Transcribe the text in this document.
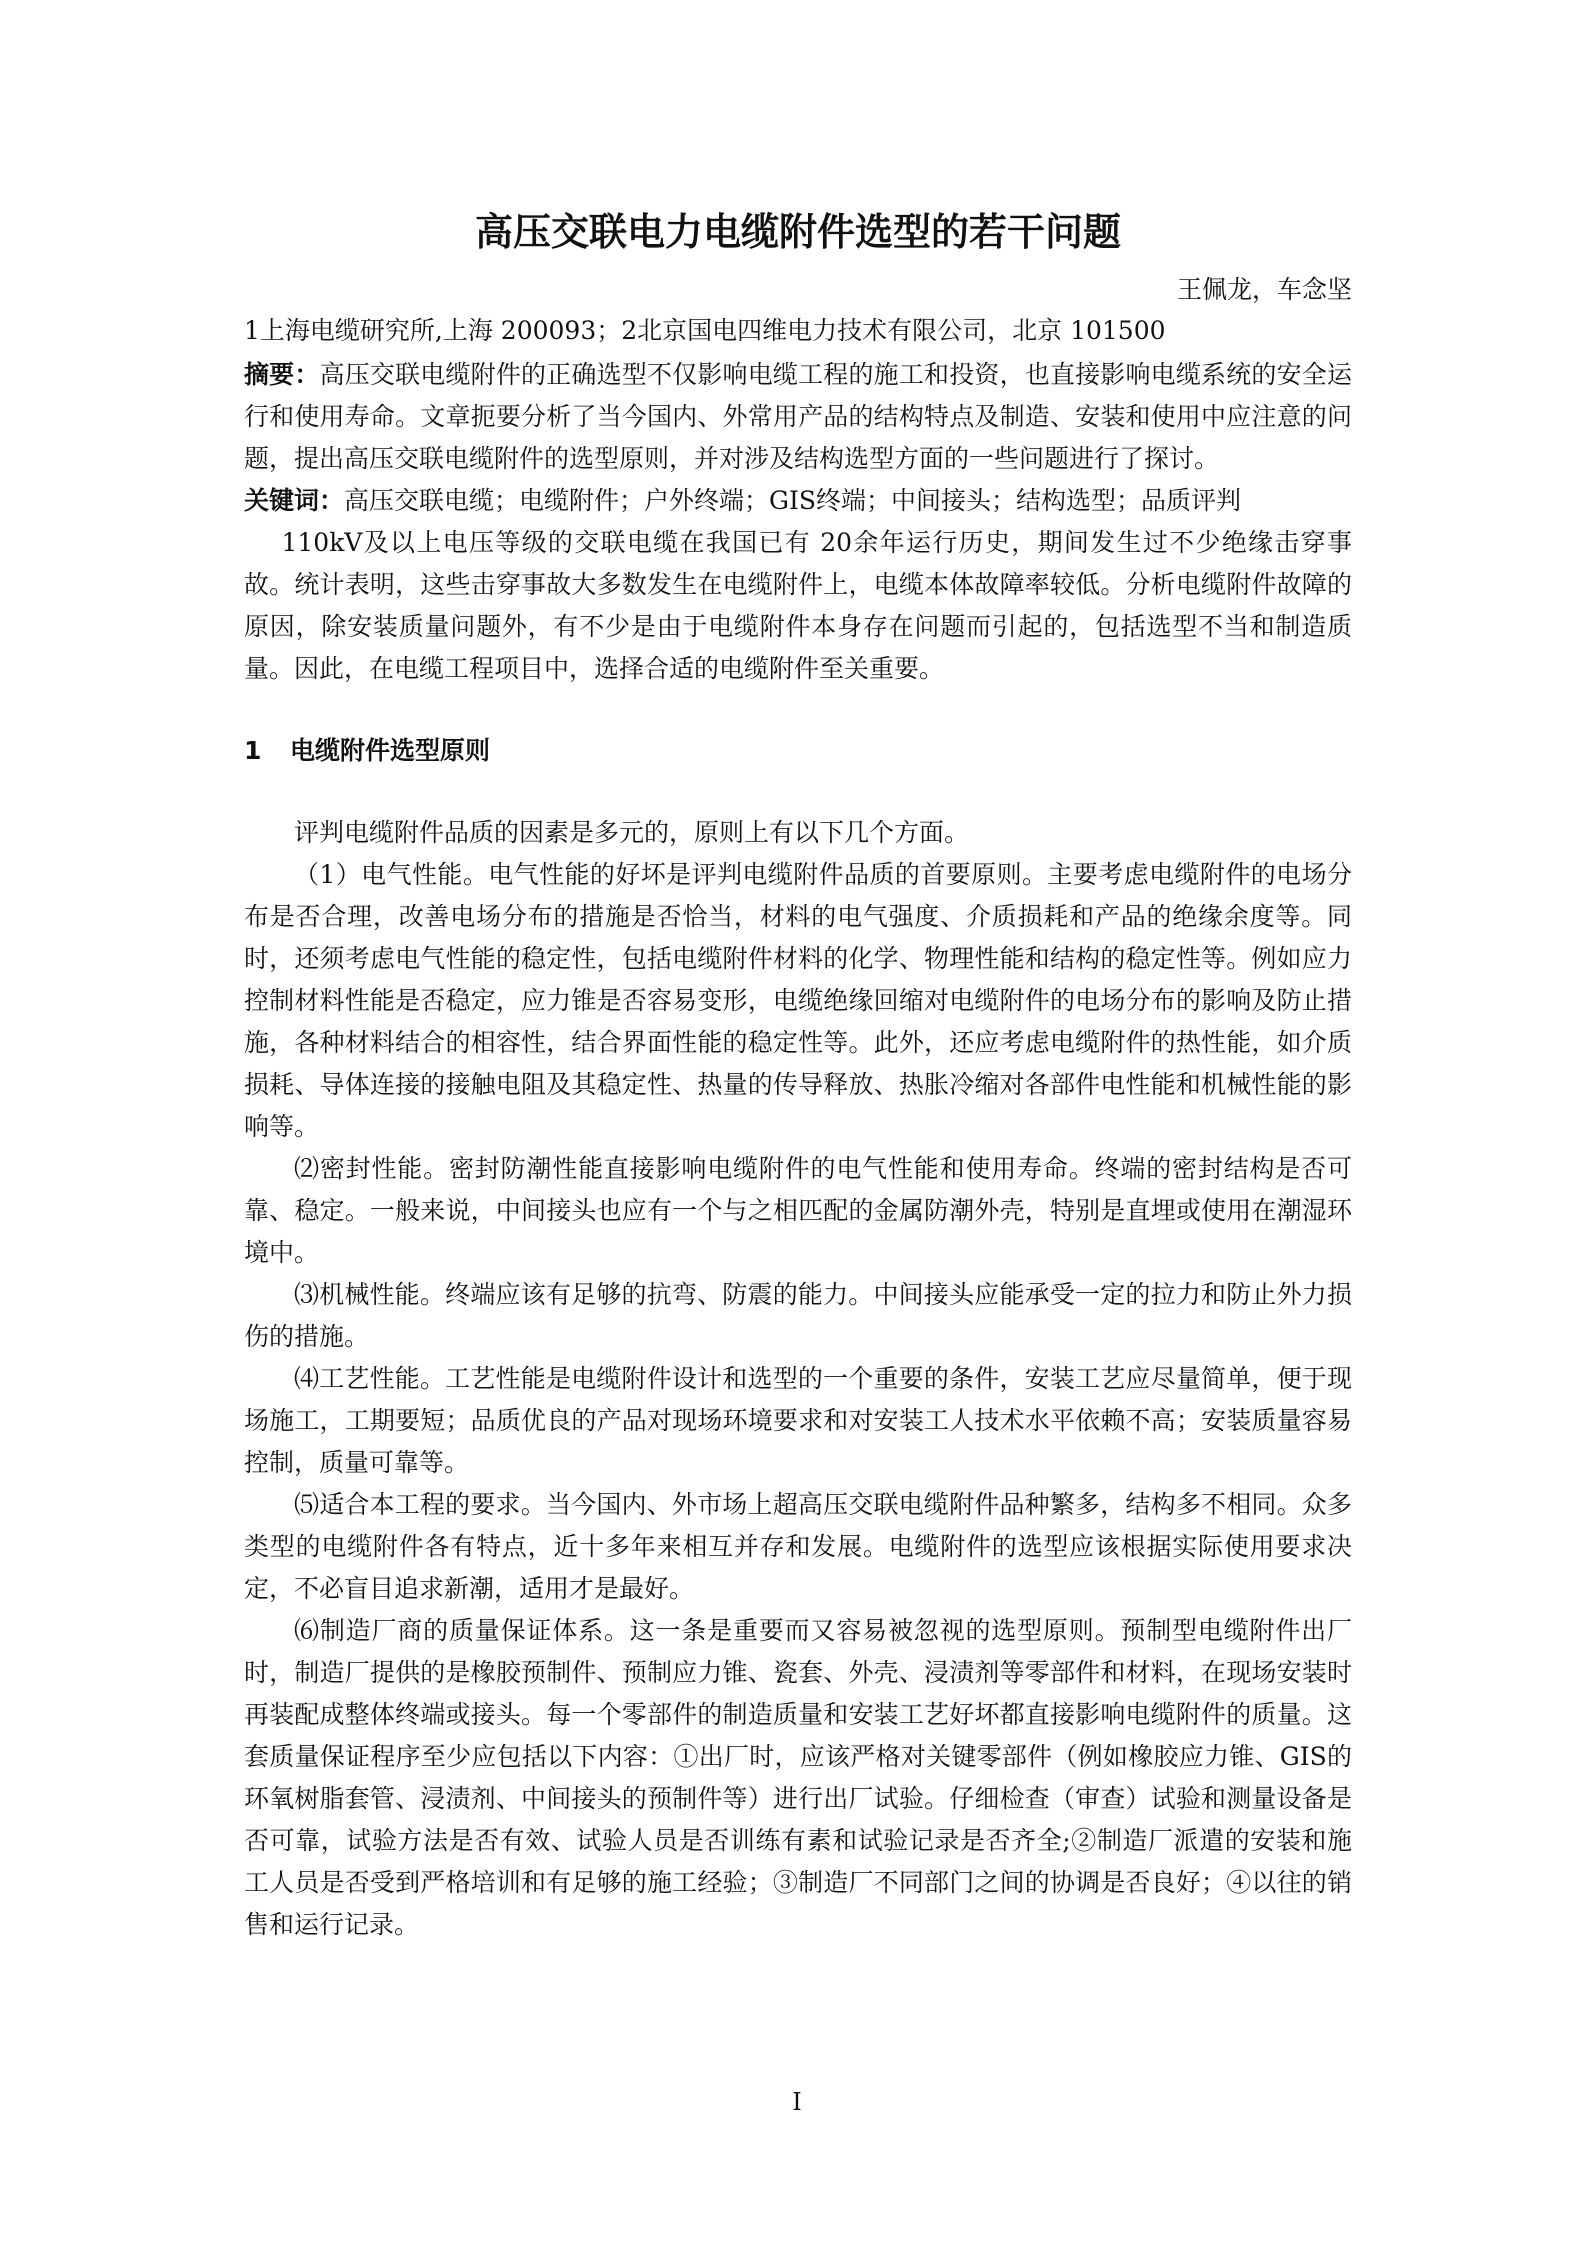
高压交联电力电缆附件选型的若干问题

王佩龙，车念坚

1上海电缆研究所,上海 200093；2北京国电四维电力技术有限公司，北京 101500

摘要：高压交联电缆附件的正确选型不仅影响电缆工程的施工和投资，也直接影响电缆系统的安全运行和使用寿命。文章扼要分析了当今国内、外常用产品的结构特点及制造、安装和使用中应注意的问题，提出高压交联电缆附件的选型原则，并对涉及结构选型方面的一些问题进行了探讨。

关键词：高压交联电缆；电缆附件；户外终端；GIS终端；中间接头；结构选型；品质评判

110kV及以上电压等级的交联电缆在我国已有 20余年运行历史，期间发生过不少绝缘击穿事故。统计表明，这些击穿事故大多数发生在电缆附件上，电缆本体故障率较低。分析电缆附件故障的原因，除安装质量问题外，有不少是由于电缆附件本身存在问题而引起的，包括选型不当和制造质量。因此，在电缆工程项目中，选择合适的电缆附件至关重要。

1 电缆附件选型原则

评判电缆附件品质的因素是多元的，原则上有以下几个方面。

（1）电气性能。电气性能的好坏是评判电缆附件品质的首要原则。主要考虑电缆附件的电场分布是否合理，改善电场分布的措施是否恰当，材料的电气强度、介质损耗和产品的绝缘余度等。同时，还须考虑电气性能的稳定性，包括电缆附件材料的化学、物理性能和结构的稳定性等。例如应力控制材料性能是否稳定，应力锥是否容易变形，电缆绝缘回缩对电缆附件的电场分布的影响及防止措施，各种材料结合的相容性，结合界面性能的稳定性等。此外，还应考虑电缆附件的热性能，如介质损耗、导体连接的接触电阻及其稳定性、热量的传导释放、热胀冷缩对各部件电性能和机械性能的影响等。

⑵密封性能。密封防潮性能直接影响电缆附件的电气性能和使用寿命。终端的密封结构是否可靠、稳定。一般来说，中间接头也应有一个与之相匹配的金属防潮外壳，特别是直埋或使用在潮湿环境中。

⑶机械性能。终端应该有足够的抗弯、防震的能力。中间接头应能承受一定的拉力和防止外力损伤的措施。

⑷工艺性能。工艺性能是电缆附件设计和选型的一个重要的条件，安装工艺应尽量简单，便于现场施工，工期要短；品质优良的产品对现场环境要求和对安装工人技术水平依赖不高；安装质量容易控制，质量可靠等。

⑸适合本工程的要求。当今国内、外市场上超高压交联电缆附件品种繁多，结构多不相同。众多类型的电缆附件各有特点，近十多年来相互并存和发展。电缆附件的选型应该根据实际使用要求决定，不必盲目追求新潮，适用才是最好。

⑹制造厂商的质量保证体系。这一条是重要而又容易被忽视的选型原则。预制型电缆附件出厂时，制造厂提供的是橡胶预制件、预制应力锥、瓷套、外壳、浸渍剂等零部件和材料，在现场安装时再装配成整体终端或接头。每一个零部件的制造质量和安装工艺好坏都直接影响电缆附件的质量。这套质量保证程序至少应包括以下内容：①出厂时，应该严格对关键零部件（例如橡胶应力锥、GIS的环氧树脂套管、浸渍剂、中间接头的预制件等）进行出厂试验。仔细检查（审查）试验和测量设备是否可靠，试验方法是否有效、试验人员是否训练有素和试验记录是否齐全;②制造厂派遣的安装和施工人员是否受到严格培训和有足够的施工经验；③制造厂不同部门之间的协调是否良好；④以往的销售和运行记录。

I
